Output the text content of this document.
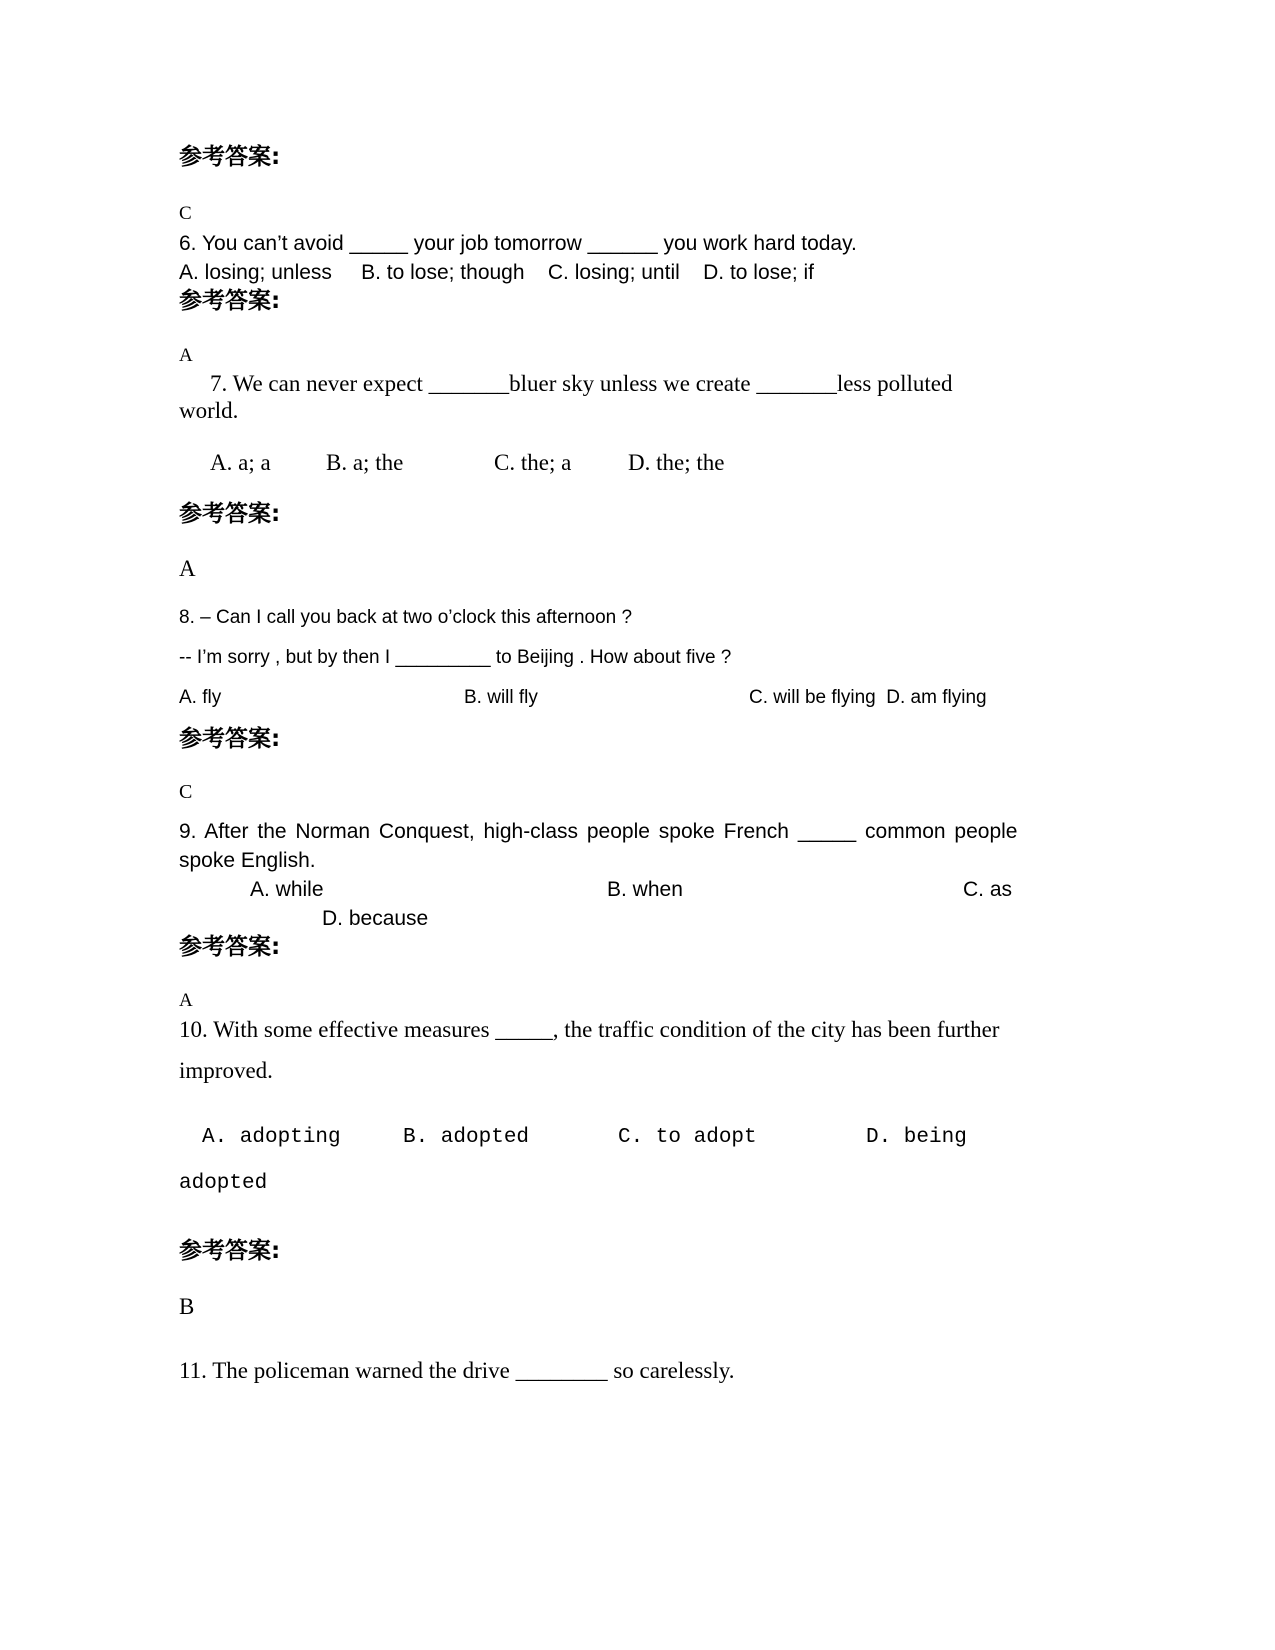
参考答案:
C
6. You can’t avoid _____ your job tomorrow ______ you work hard today.
A. losing; unless     B. to lose; though    C. losing; until    D. to lose; if
参考答案:
A
7. We can never expect _______bluer sky unless we create _______less polluted
world.
A. a; a B. a; the	C. the; a D. the; the
参考答案:
A
8. – Can I call you back at two o’clock this afternoon ?
-- I’m sorry , but by then I _________ to Beijing . How about five ?
A. fly	B. will fly	C. will be flying  D. am flying
参考答案:
C
9. After the Norman Conquest, high-class people spoke French _____ common people
spoke English.
A. while	B. when	C. as
D. because
参考答案:
A
10. With some effective measures _____, the traffic condition of the city has been further
improved.
A. adopting	B. adopted	C. to adopt	D. being
adopted
参考答案:
B
11. The policeman warned the drive ________ so carelessly.
